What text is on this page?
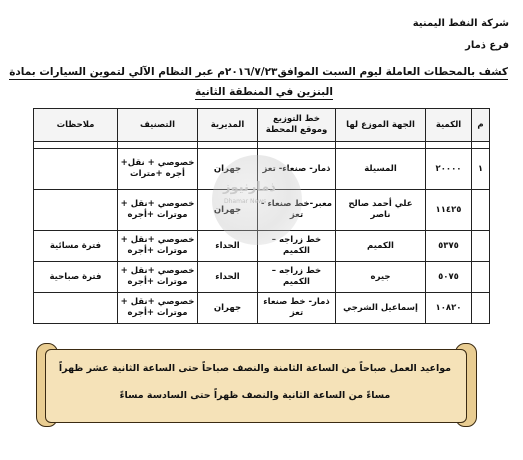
شركة النفط اليمنية
فرع ذمار
كشف بالمحطات العاملة ليوم السبت الموافق٢٠١٦/٧/٢٣م عبر النظام الآلي لتموين السيارات بمادة
البنزين في المنطقة الثانية
م	الكمية	الجهة الموزع لها	خط التوزيع وموقع المحطة	المديرية	التصنيف	ملاحظات

١	٢٠٠٠٠	المسيلة	ذمار- صنعاء- تعز	جهران	خصوصي + نقل+ أجره +مترات	
	١١٤٢٥	علي أحمد صالح ناصر	معبر-خط صنعاء - تعز	جهران	خصوصي +نقل + موترات +أجره	
	٥٣٧٥	الكميم	خط زراجه – الكميم	الحداء	خصوصي +نقل + موترات +أجره	فترة مسائية
	٥٠٧٥	جيره	خط زراجه – الكميم	الحداء	خصوصي +نقل + موترات +أجره	فترة صباحية
	١٠٨٢٠	إسماعيل الشرجي	ذمار- خط صنعاء تعز	جهران	خصوصي +نقل + موترات +أجره	
ذمارنيوز
Dhamar News
مواعيد العمل صباحاً من الساعة الثامنة والنصف صباحاً حتى الساعة الثانية عشر ظهراً
مساءً من الساعة الثانية والنصف ظهراً حتى السادسة مساءً
